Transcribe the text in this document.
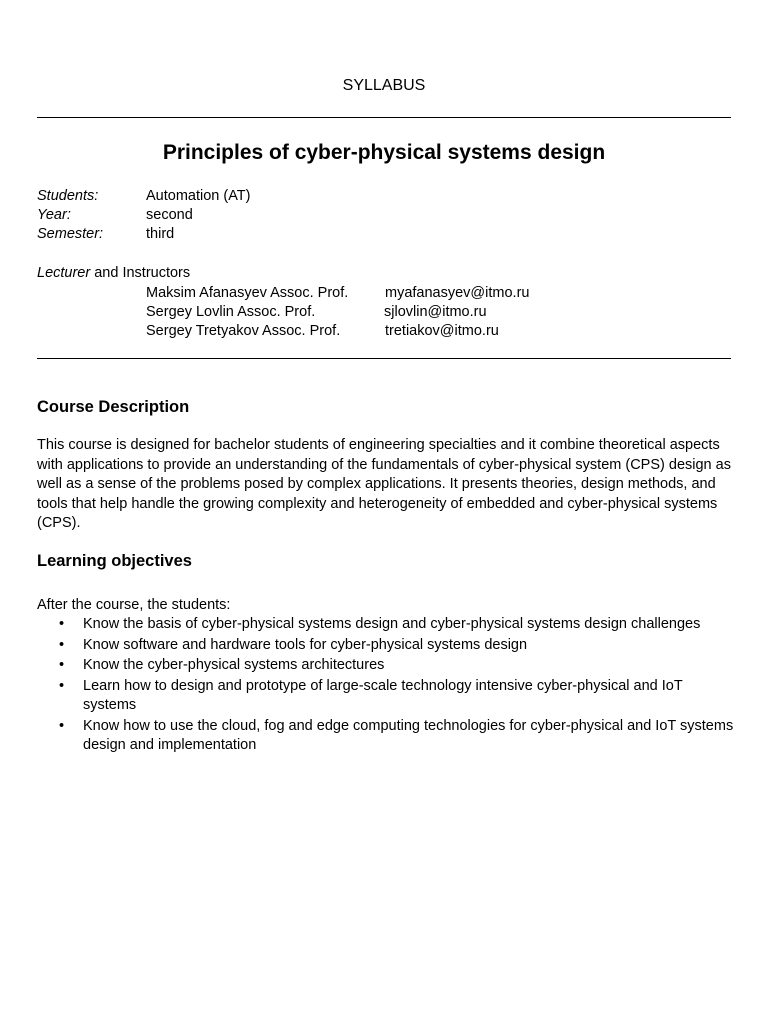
SYLLABUS
Principles of cyber-physical systems design
Students:	Automation (AT)
Year:	second
Semester:	third
Lecturer and Instructors
Maksim Afanasyev Assoc. Prof.	myafanasyev@itmo.ru
Sergey Lovlin Assoc. Prof.	sjlovlin@itmo.ru
Sergey Tretyakov Assoc. Prof.	tretiakov@itmo.ru
Course Description
This course is designed for bachelor students of engineering specialties and it combine theoretical aspects with applications to provide an understanding of the fundamentals of cyber-physical system (CPS) design as well as a sense of the problems posed by complex applications. It presents theories, design methods, and tools that help handle the growing complexity and heterogeneity of embedded and cyber-physical systems (CPS).
Learning objectives
After the course, the students:
• Know the basis of cyber-physical systems design and cyber-physical systems design challenges
• Know software and hardware tools for cyber-physical systems design
• Know the cyber-physical systems architectures
• Learn how to design and prototype of large-scale technology intensive cyber-physical and IoT systems
• Know how to use the cloud, fog and edge computing technologies for cyber-physical and IoT systems design and implementation
